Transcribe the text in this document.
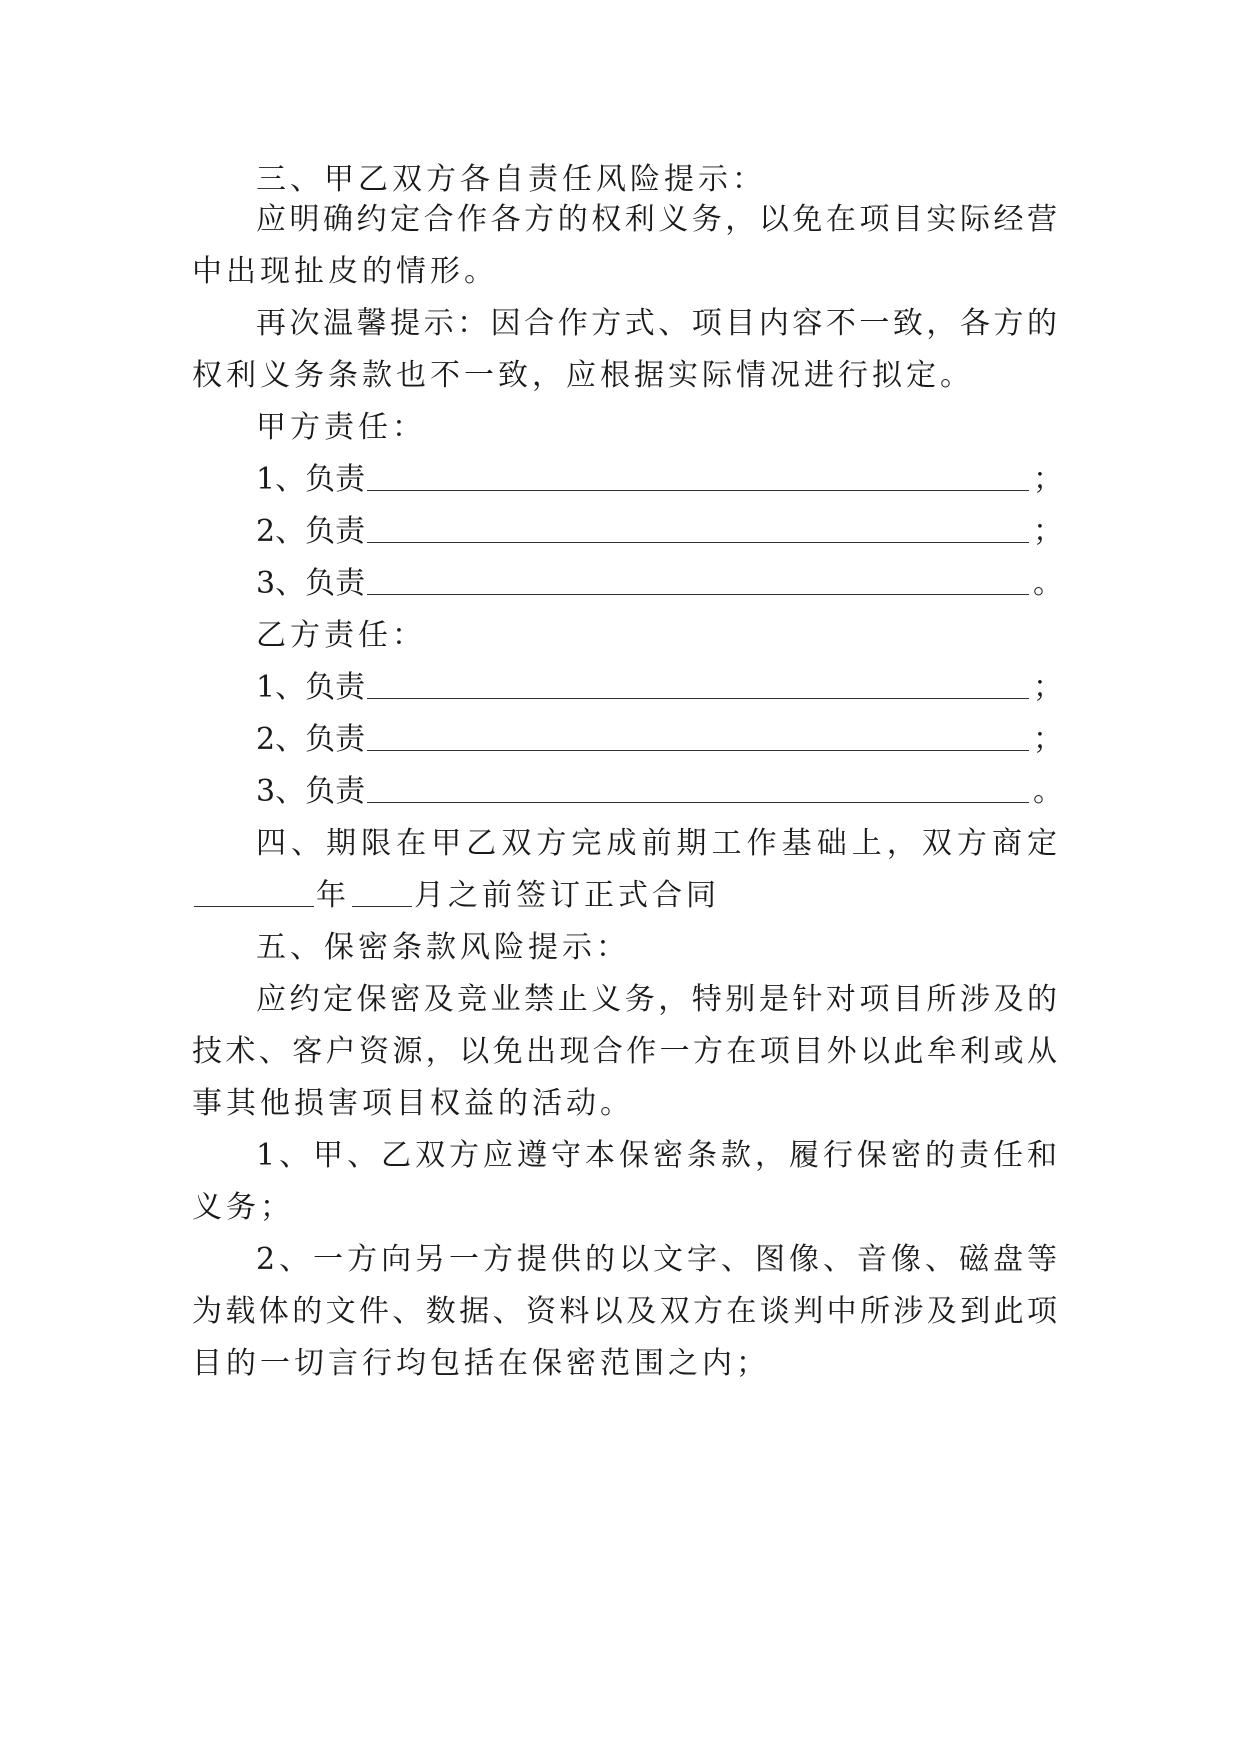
三、甲乙双方各自责任风险提示：
应明确约定合作各方的权利义务，以免在项目实际经营
中出现扯皮的情形。
再次温馨提示：因合作方式、项目内容不一致，各方的
权利义务条款也不一致，应根据实际情况进行拟定。
甲方责任：
1、负责	；
2、负责	；
3、负责	。
乙方责任：
1、负责	；
2、负责	；
3、负责	。
四、期限在甲乙双方完成前期工作基础上，双方商定
年 月之前签订正式合同
五、保密条款风险提示：
应约定保密及竞业禁止义务，特别是针对项目所涉及的
技术、客户资源，以免出现合作一方在项目外以此牟利或从
事其他损害项目权益的活动。
1、甲、乙双方应遵守本保密条款，履行保密的责任和
义务；
2、一方向另一方提供的以文字、图像、音像、磁盘等
为载体的文件、数据、资料以及双方在谈判中所涉及到此项
目的一切言行均包括在保密范围之内；
